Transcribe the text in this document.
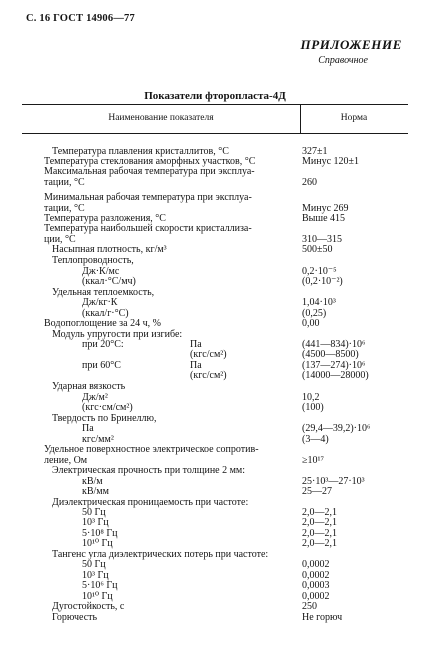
С. 16 ГОСТ 14906—77
ПРИЛОЖЕНИЕ
Справочное
Показатели фторопласта-4Д
Наименование показателя	Норма
Температура плавления кристаллитов, °С	327±1
Температура стеклования аморфных участков, °С	Минус 120±1
Максимальная рабочая температура при эксплуа-
тации, °С	260
Минимальная рабочая температура при эксплуа-
тации, °С	Минус 269
Температура разложения, °С	Выше 415
Температура наибольшей скорости кристаллиза-
ции, °С	310—315
Насыпная плотность, кг/м³	500±50
Теплопроводность,
Дж·К/мс	0,2·10⁻⁵
(ккал·°С/мч)	(0,2·10⁻²)
Удельная теплоемкость,
Дж/кг·К	1,04·10³
(ккал/г·°С)	(0,25)
Водопоглощение за 24 ч, %	0,00
Модуль упругости при изгибе:
при 20°С:	Па	(441—834)·10⁶
(кгс/см²)	(4500—8500)
при 60°С	Па	(137—274)·10⁶
(кгс/см²)	(14000—28000)
Ударная вязкость
Дж/м²	10,2
(кгс·см/см²)	(100)
Твердость по Бринеллю,
Па	(29,4—39,2)·10⁶
кгс/мм²	(3—4)
Удельное поверхностное электрическое сопротив-
ление, Ом	≥10¹⁷
Электрическая прочность при толщине 2 мм:
кВ/м	25·10³—27·10³
кВ/мм	25—27
Диэлектрическая проницаемость при частоте:
50 Гц	2,0—2,1
10³ Гц	2,0—2,1
5·10⁸ Гц	2,0—2,1
10¹⁰ Гц	2,0—2,1
Тангенс угла диэлектрических потерь при частоте:
50 Гц	0,0002
10³ Гц	0,0002
5·10⁶ Гц	0,0003
10¹⁰ Гц	0,0002
Дугостойкость, с	250
Горючесть	Не горюч
